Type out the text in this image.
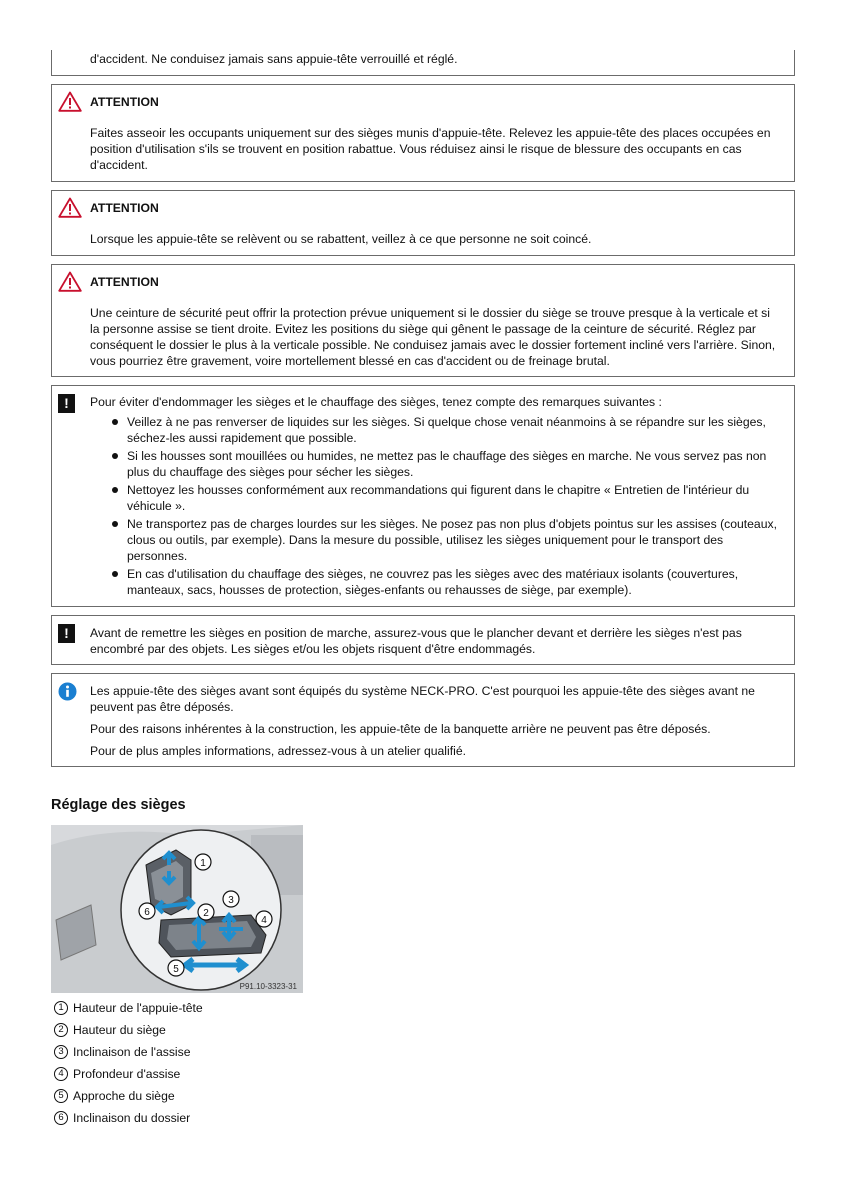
d'accident. Ne conduisez jamais sans appuie-tête verrouillé et réglé.

ATTENTION

Faites asseoir les occupants uniquement sur des sièges munis d'appuie-tête. Relevez les appuie-tête des places occupées en position d'utilisation s'ils se trouvent en position rabattue. Vous réduisez ainsi le risque de blessure des occupants en cas d'accident.

ATTENTION

Lorsque les appuie-tête se relèvent ou se rabattent, veillez à ce que personne ne soit coincé.

ATTENTION

Une ceinture de sécurité peut offrir la protection prévue uniquement si le dossier du siège se trouve presque à la verticale et si la personne assise se tient droite. Evitez les positions du siège qui gênent le passage de la ceinture de sécurité. Réglez par conséquent le dossier le plus à la verticale possible. Ne conduisez jamais avec le dossier fortement incliné vers l'arrière. Sinon, vous pourriez être gravement, voire mortellement blessé en cas d'accident ou de freinage brutal.

!	Pour éviter d'endommager les sièges et le chauffage des sièges, tenez compte des remarques suivantes :

Veillez à ne pas renverser de liquides sur les sièges. Si quelque chose venait néanmoins à se répandre sur les sièges, séchez-les aussi rapidement que possible.
Si les housses sont mouillées ou humides, ne mettez pas le chauffage des sièges en marche. Ne vous servez pas non plus du chauffage des sièges pour sécher les sièges.
Nettoyez les housses conformément aux recommandations qui figurent dans le chapitre « Entretien de l'intérieur du véhicule ».
Ne transportez pas de charges lourdes sur les sièges. Ne posez pas non plus d'objets pointus sur les assises (couteaux, clous ou outils, par exemple). Dans la mesure du possible, utilisez les sièges uniquement pour le transport des personnes.
En cas d'utilisation du chauffage des sièges, ne couvrez pas les sièges avec des matériaux isolants (couvertures, manteaux, sacs, housses de protection, sièges-enfants ou rehausses de siège, par exemple).
!	Avant de remettre les sièges en position de marche, assurez-vous que le plancher devant et derrière les sièges n'est pas encombré par des objets. Les sièges et/ou les objets risquent d'être endommagés.

Les appuie-tête des sièges avant sont équipés du système NECK-PRO. C'est pourquoi les appuie-tête des sièges avant ne peuvent pas être déposés.

Pour des raisons inhérentes à la construction, les appuie-tête de la banquette arrière ne peuvent pas être déposés.

Pour de plus amples informations, adressez-vous à un atelier qualifié.

Réglage des sièges
1
2
3
4
5
6
P91.10-3323-31
1 Hauteur de l'appuie-tête
2 Hauteur du siège
3 Inclinaison de l'assise
4 Profondeur d'assise
5 Approche du siège
6 Inclinaison du dossier
